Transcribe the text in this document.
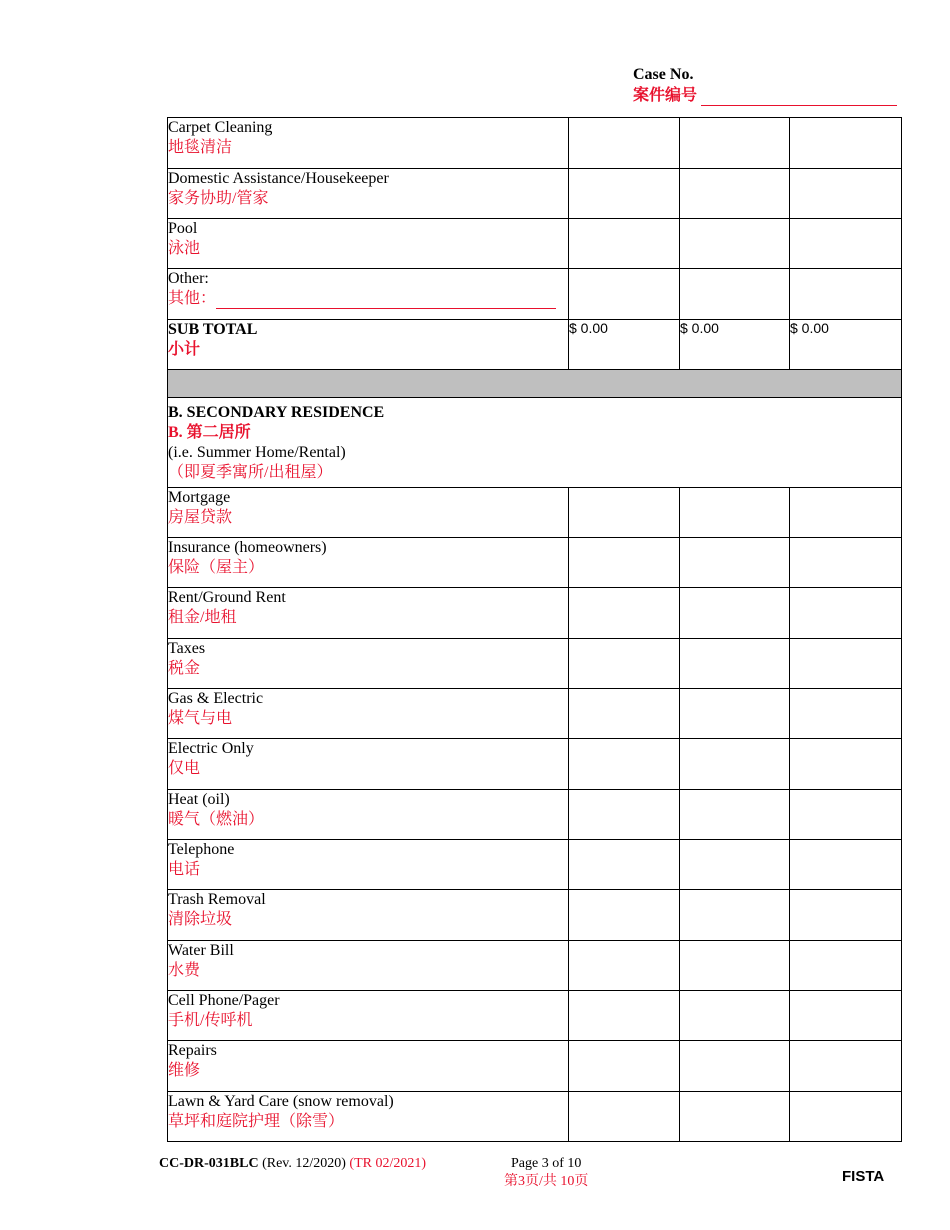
Case No.
案件编号
Carpet Cleaning
地毯清洁			

Domestic Assistance/Housekeeper
家务协助/管家			

Pool
泳池			

Other:
其他：			

SUB TOTAL
小计	$ 0.00	$ 0.00	$ 0.00

B. SECONDARY RESIDENCE
B. 第二居所
(i.e. Summer Home/Rental)
（即夏季寓所/出租屋）			

Mortgage
房屋贷款			

Insurance (homeowners)
保险（屋主）			

Rent/Ground Rent
租金/地租			

Taxes
税金			

Gas & Electric
煤气与电			

Electric Only
仅电			

Heat (oil)
暖气（燃油）			

Telephone
电话			

Trash Removal
清除垃圾			

Water Bill
水费			

Cell Phone/Pager
手机/传呼机			

Repairs
维修			

Lawn & Yard Care (snow removal)
草坪和庭院护理（除雪）			

CC-DR-031BLC (Rev. 12/2020) (TR 02/2021)	Page 3 of 10
第3页/共 10页	FISTA
